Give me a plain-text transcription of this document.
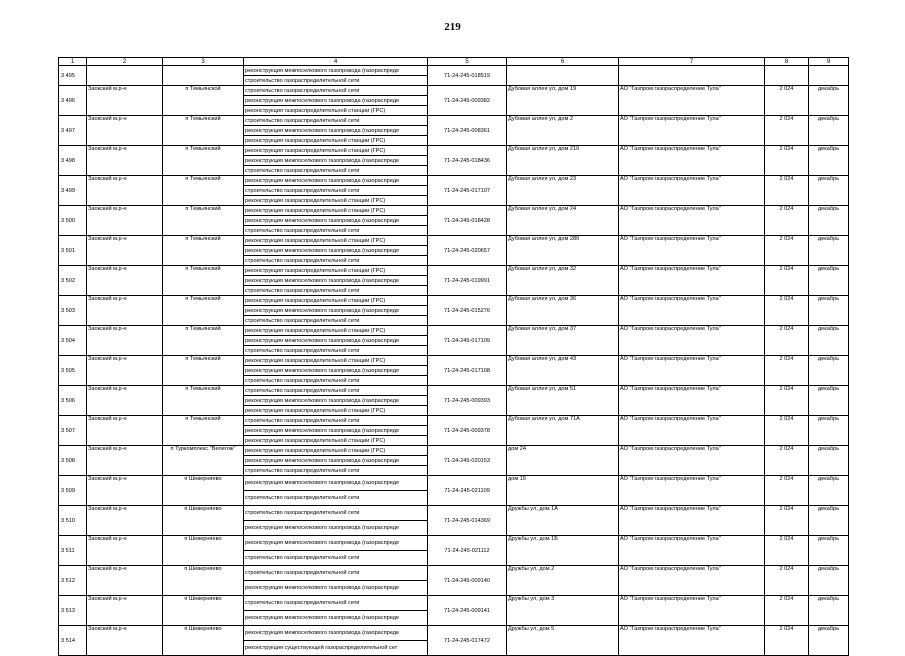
219
1	2	3	4	5	6	7	8	9
3 495			реконструкция межпоселкового газопровода (газораспреде	71-24-245-018519				
			строительство газораспределительной сети					
3 496	Заокский м.р-н	п Темьянской	строительство газораспределительной сети	71-24-245-009382	Дубовая аллея ул, дом 19	АО "Газпром газораспределение Тула"	2 024	декабрь
			реконструкция межпоселкового газопровода (газораспреде					
			реконструкция газораспределительной станции (ГРС)					
3 497	Заокский м.р-н	п Темьянский	строительство газораспределительной сети	71-24-245-008361	Дубовая аллея ул, дом 2	АО "Газпром газораспределение Тула"	2 024	декабрь
			реконструкция межпоселкового газопровода (газораспреде					
			реконструкция газораспределительной станции (ГРС)					
3 498	Заокский м.р-н	п Темьянский	реконструкция газораспределительной станции (ГРС)	71-24-245-018436	Дубовая аллея ул, дом 21б	АО "Газпром газораспределение Тула"	2 024	декабрь
			реконструкция межпоселкового газопровода (газораспреде					
			строительство газораспределительной сети					
3 499	Заокский м.р-н	п Темьянский	реконструкция межпоселкового газопровода (газораспреде	71-24-245-017107	Дубовая аллея ул, дом 23	АО "Газпром газораспределение Тула"	2 024	декабрь
			строительство газораспределительной сети					
			реконструкция газораспределительной станции (ГРС)					
3 500	Заокский м.р-н	п Темьянский	реконструкция газораспределительной станции (ГРС)	71-24-245-018428	Дубовая аллея ул, дом 24	АО "Газпром газораспределение Тула"	2 024	декабрь
			реконструкция межпоселкового газопровода (газораспреде					
			строительство газораспределительной сети					
3 501	Заокский м.р-н	п Темьянский	реконструкция газораспределительной станции (ГРС)	71-24-245-020657	Дубовая аллея ул, дом 28б	АО "Газпром газораспределение Тула"	2 024	декабрь
			реконструкция межпоселкового газопровода (газораспреде					
			строительство газораспределительной сети					
3 502	Заокский м.р-н	п Темьянский	реконструкция газораспределительной станции (ГРС)	71-24-245-019991	Дубовая аллея ул, дом 32	АО "Газпром газораспределение Тула"	2 024	декабрь
			реконструкция межпоселкового газопровода (газораспреде					
			строительство газораспределительной сети					
3 503	Заокский м.р-н	п Темьянский	реконструкция газораспределительной станции (ГРС)	71-24-245-015276	Дубовая аллея ул, дом 36	АО "Газпром газораспределение Тула"	2 024	декабрь
			реконструкция межпоселкового газопровода (газораспреде					
			строительство газораспределительной сети					
3 504	Заокский м.р-н	п Темьянский	реконструкция газораспределительной станции (ГРС)	71-24-245-017109	Дубовая аллея ул, дом 37	АО "Газпром газораспределение Тула"	2 024	декабрь
			реконструкция межпоселкового газопровода (газораспреде					
			строительство газораспределительной сети					
3 505	Заокский м.р-н	п Темьянский	реконструкция газораспределительной станции (ГРС)	71-24-245-017108	Дубовая аллея ул, дом 43	АО "Газпром газораспределение Тула"	2 024	декабрь
			реконструкция межпоселкового газопровода (газораспреде					
			строительство газораспределительной сети					
3 506	Заокский м.р-н	п Темьянский	строительство газораспределительной сети	71-24-245-009393	Дубовая аллея ул, дом 51	АО "Газпром газораспределение Тула"	2 024	декабрь
			реконструкция межпоселкового газопровода (газораспреде					
			реконструкция газораспределительной станции (ГРС)					
3 507	Заокский м.р-н	п Темьянский	строительство газораспределительной сети	71-24-245-009378	Дубовая аллея ул, дом 71А	АО "Газпром газораспределение Тула"	2 024	декабрь
			реконструкция межпоселкового газопровода (газораспреде					
			реконструкция газораспределительной станции (ГРС)					
3 508	Заокский м.р-н	п Туркомплекс "Велегож"	реконструкция газораспределительной станции (ГРС)	71-24-245-020153	дом 24	АО "Газпром газораспределение Тула"	2 024	декабрь
			реконструкция межпоселкового газопровода (газораспреде					
			строительство газораспределительной сети					
3 509	Заокский м.р-н	п Шеверняево	реконструкция межпоселкового газопровода (газораспреде	71-24-245-021109	дом 16	АО "Газпром газораспределение Тула"	2 024	декабрь
			строительство газораспределительной сети					
3 510	Заокский м.р-н	п Шеверняево	строительство газораспределительной сети	71-24-245-014369	Дружбы ул, дом 1А	АО "Газпром газораспределение Тула"	2 024	декабрь
			реконструкция межпоселкового газопровода (газораспреде					
3 511	Заокский м.р-н	п Шеверняево	реконструкция межпоселкового газопровода (газораспреде	71-24-245-021112	Дружбы ул, дом 1Б	АО "Газпром газораспределение Тула"	2 024	декабрь
			строительство газораспределительной сети					
3 512	Заокский м.р-н	п Шеверняево	строительство газораспределительной сети	71-24-245-009140	Дружбы ул, дом 2	АО "Газпром газораспределение Тула"	2 024	декабрь
			реконструкция межпоселкового газопровода (газораспреде					
3 513	Заокский м.р-н	п Шеверняево	строительство газораспределительной сети	71-24-245-009141	Дружбы ул, дом 3	АО "Газпром газораспределение Тула"	2 024	декабрь
			реконструкция межпоселкового газопровода (газораспреде					
3 514	Заокский м.р-н	п Шеверняево	реконструкция межпоселкового газопровода (газораспреде	71-24-245-017472	Дружбы ул, дом 5	АО "Газпром газораспределение Тула"	2 024	декабрь
			реконструкция существующей газораспределительной сет					
